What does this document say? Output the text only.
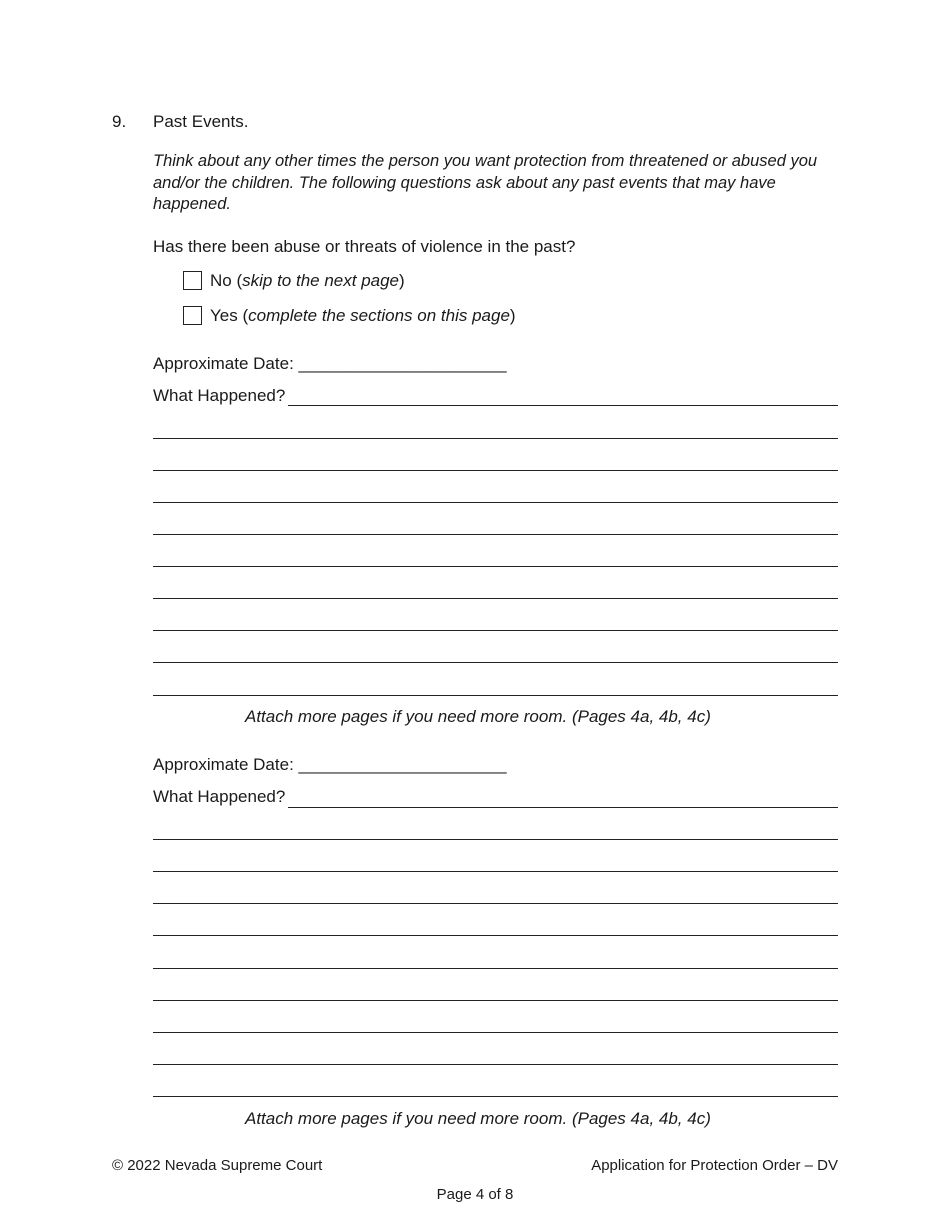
9. Past Events.
Think about any other times the person you want protection from threatened or abused you and/or the children. The following questions ask about any past events that may have happened.
Has there been abuse or threats of violence in the past?
No (skip to the next page)
Yes (complete the sections on this page)
Approximate Date: ______________________
What Happened?
Attach more pages if you need more room. (Pages 4a, 4b, 4c)
Approximate Date: ______________________
What Happened?
Attach more pages if you need more room. (Pages 4a, 4b, 4c)
© 2022 Nevada Supreme Court	Application for Protection Order – DV
Page 4 of 8
